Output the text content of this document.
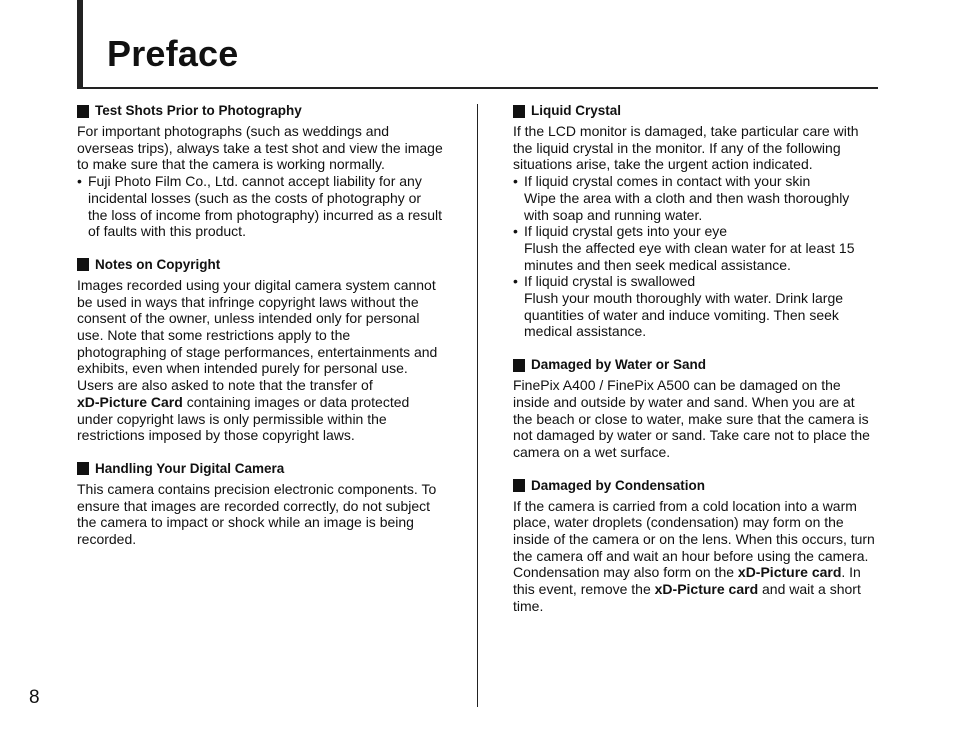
Preface
Test Shots Prior to Photography

For important photographs (such as weddings and overseas trips), always take a test shot and view the image to make sure that the camera is working normally.

• Fuji Photo Film Co., Ltd. cannot accept liability for any incidental losses (such as the costs of photography or the loss of income from photography) incurred as a result of faults with this product.
Notes on Copyright

Images recorded using your digital camera system cannot be used in ways that infringe copyright laws without the consent of the owner, unless intended only for personal use. Note that some restrictions apply to the photographing of stage performances, entertainments and exhibits, even when intended purely for personal use. Users are also asked to note that the transfer of
xD-Picture Card containing images or data protected under copyright laws is only permissible within the restrictions imposed by those copyright laws.

Handling Your Digital Camera

This camera contains precision electronic components. To ensure that images are recorded correctly, do not subject the camera to impact or shock while an image is being recorded.

Liquid Crystal

If the LCD monitor is damaged, take particular care with the liquid crystal in the monitor. If any of the following situations arise, take the urgent action indicated.

• If liquid crystal comes in contact with your skin
Wipe the area with a cloth and then wash thoroughly with soap and running water.
• If liquid crystal gets into your eye
Flush the affected eye with clean water for at least 15 minutes and then seek medical assistance.
• If liquid crystal is swallowed
Flush your mouth thoroughly with water. Drink large quantities of water and induce vomiting. Then seek medical assistance.
Damaged by Water or Sand

FinePix A400 / FinePix A500 can be damaged on the inside and outside by water and sand. When you are at the beach or close to water, make sure that the camera is not damaged by water or sand. Take care not to place the camera on a wet surface.

Damaged by Condensation

If the camera is carried from a cold location into a warm place, water droplets (condensation) may form on the inside of the camera or on the lens. When this occurs, turn the camera off and wait an hour before using the camera. Condensation may also form on the xD-Picture card. In this event, remove the xD-Picture card and wait a short time.

8
